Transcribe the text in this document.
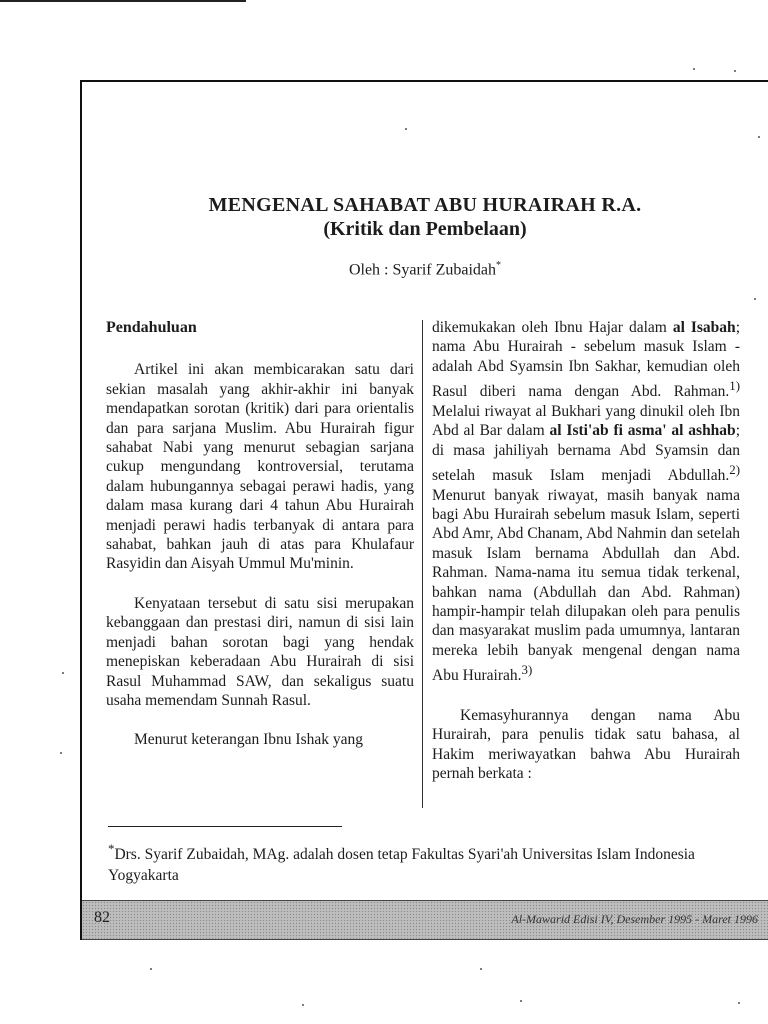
MENGENAL SAHABAT ABU HURAIRAH R.A.
(Kritik dan Pembelaan)
Oleh : Syarif Zubaidah*
Pendahuluan

Artikel ini akan membicarakan satu dari sekian masalah yang akhir-akhir ini banyak mendapatkan sorotan (kritik) dari para orientalis dan para sarjana Muslim. Abu Hurairah figur sahabat Nabi yang menurut sebagian sarjana cukup mengundang kontroversial, terutama dalam hubungannya sebagai perawi hadis, yang dalam masa kurang dari 4 tahun Abu Hurairah menjadi perawi hadis terbanyak di antara para sahabat, bahkan jauh di atas para Khulafaur Rasyidin dan Aisyah Ummul Mu'minin.

Kenyataan tersebut di satu sisi merupakan kebanggaan dan prestasi diri, namun di sisi lain menjadi bahan sorotan bagi yang hendak menepiskan keberadaan Abu Hurairah di sisi Rasul Muhammad SAW, dan sekaligus suatu usaha memendam Sunnah Rasul.

Menurut keterangan Ibnu Ishak yang

dikemukakan oleh Ibnu Hajar dalam al Isabah; nama Abu Hurairah - sebelum masuk Islam - adalah Abd Syamsin Ibn Sakhar, kemudian oleh Rasul diberi nama dengan Abd. Rahman.$^{1)}$ Melalui riwayat al Bukhari yang dinukil oleh Ibn Abd al Bar dalam al Isti'ab fi asma' al ashhab; di masa jahiliyah bernama Abd Syamsin dan setelah masuk Islam menjadi Abdullah.$^{2)}$ Menurut banyak riwayat, masih banyak nama bagi Abu Hurairah sebelum masuk Islam, seperti Abd Amr, Abd Chanam, Abd Nahmin dan setelah masuk Islam bernama Abdullah dan Abd. Rahman. Nama-nama itu semua tidak terkenal, bahkan nama (Abdullah dan Abd. Rahman) hampir-hampir telah dilupakan oleh para penulis dan masyarakat muslim pada umumnya, lantaran mereka lebih banyak mengenal dengan nama Abu Hurairah.$^{3)}$

Kemasyhurannya dengan nama Abu Hurairah, para penulis tidak satu bahasa, al Hakim meriwayatkan bahwa Abu Hurairah pernah berkata :

*Drs. Syarif Zubaidah, MAg. adalah dosen tetap Fakultas Syari'ah Universitas Islam Indonesia Yogyakarta
82	Al-Mawarid Edisi IV, Desember 1995 - Maret 1996
